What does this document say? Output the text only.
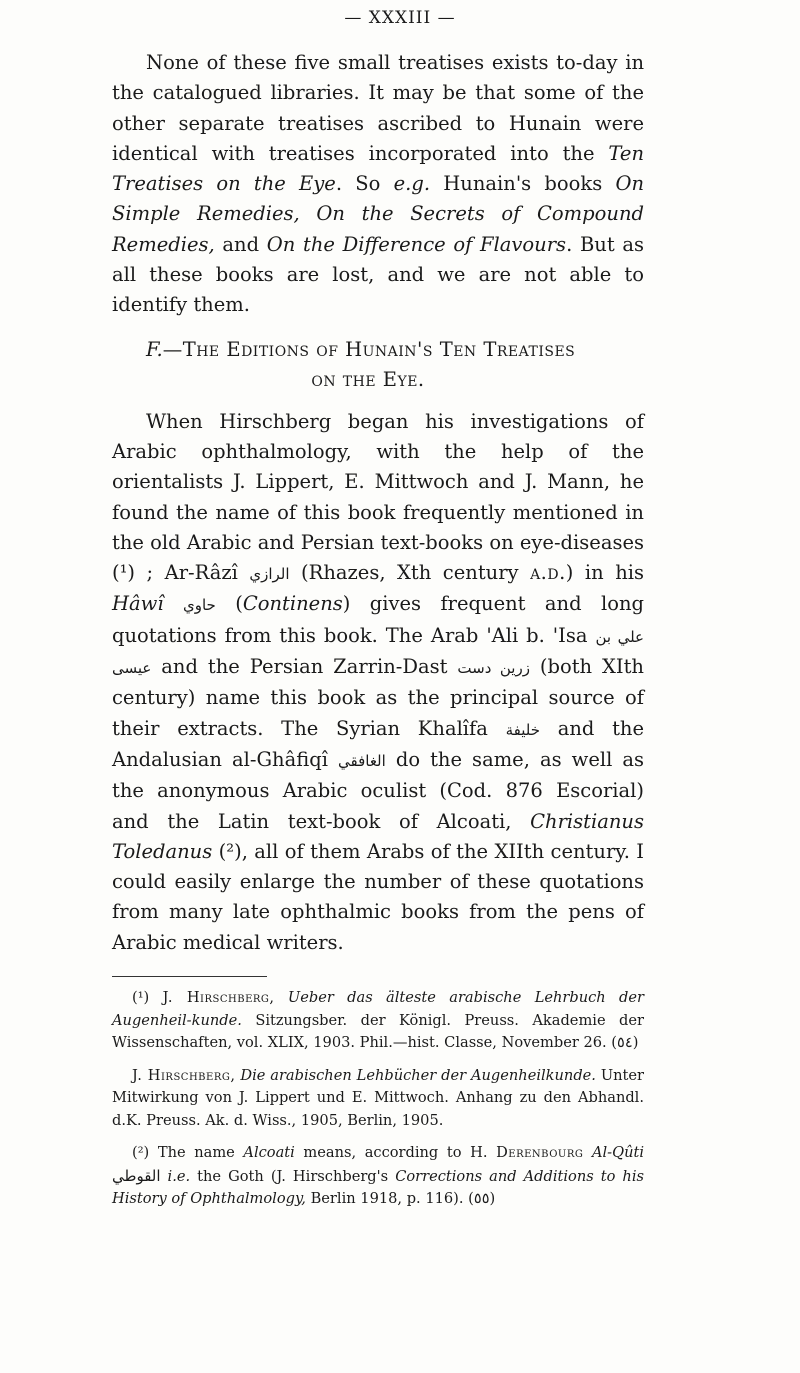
— XXXIII —

None of these five small treatises exists to-day in the catalogued libraries. It may be that some of the other separate treatises ascribed to Hunain were identical with treatises incorporated into the Ten Treatises on the Eye. So e.g. Hunain's books On Simple Remedies, On the Secrets of Compound Remedies, and On the Difference of Flavours. But as all these books are lost, and we are not able to identify them.

F.—The Editions of Hunain's Ten Treatises
on the Eye.

When Hirschberg began his investigations of Arabic ophthalmology, with the help of the orientalists J. Lippert, E. Mittwoch and J. Mann, he found the name of this book frequently mentioned in the old Arabic and Persian text-books on eye-diseases (¹) ; Ar-Râzî الرازي (Rhazes, Xth century a.d.) in his Hâwî حاوي (Continens) gives frequent and long quotations from this book. The Arab 'Ali b. 'Isa علي بن عيسى and the Persian Zarrin-Dast زرين دست (both XIth century) name this book as the principal source of their extracts. The Syrian Khalîfa خليفة and the Andalusian al-Ghâfiqî الغافقي do the same, as well as the anonymous Arabic oculist (Cod. 876 Escorial) and the Latin text-book of Alcoati, Christianus Toledanus (²), all of them Arabs of the XIIth century. I could easily enlarge the number of these quotations from many late ophthalmic books from the pens of Arabic medical writers.

(¹) J. Hirschberg, Ueber das älteste arabische Lehrbuch der Augenheil-kunde. Sitzungsber. der Königl. Preuss. Akademie der Wissenschaften, vol. XLIX, 1903. Phil.—hist. Classe, November 26. (٥٤)

J. Hirschberg, Die arabischen Lehbücher der Augenheilkunde. Unter Mitwirkung von J. Lippert und E. Mittwoch. Anhang zu den Abhandl. d.K. Preuss. Ak. d. Wiss., 1905, Berlin, 1905.

(²) The name Alcoati means, according to H. Derenbourg Al-Qûti القوطي i.e. the Goth (J. Hirschberg's Corrections and Additions to his History of Ophthalmology, Berlin 1918, p. 116). (٥٥)
